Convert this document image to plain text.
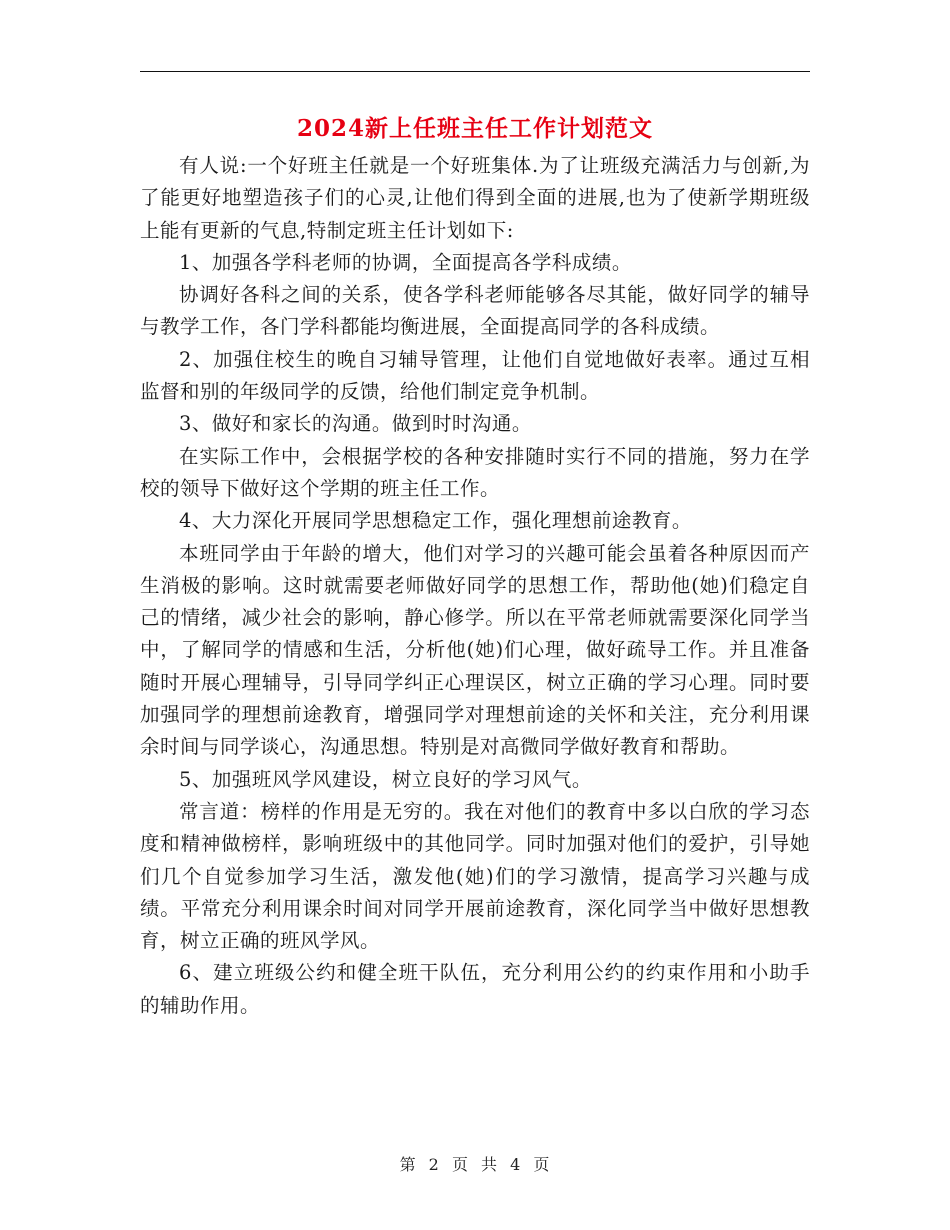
2024新上任班主任工作计划范文

有人说:一个好班主任就是一个好班集体.为了让班级充满活力与创新,为了能更好地塑造孩子们的心灵,让他们得到全面的进展,也为了使新学期班级上能有更新的气息,特制定班主任计划如下:

1、加强各学科老师的协调，全面提高各学科成绩。

协调好各科之间的关系，使各学科老师能够各尽其能，做好同学的辅导与教学工作，各门学科都能均衡进展，全面提高同学的各科成绩。

2、加强住校生的晚自习辅导管理，让他们自觉地做好表率。通过互相监督和别的年级同学的反馈，给他们制定竞争机制。

3、做好和家长的沟通。做到时时沟通。

在实际工作中，会根据学校的各种安排随时实行不同的措施，努力在学校的领导下做好这个学期的班主任工作。

4、大力深化开展同学思想稳定工作，强化理想前途教育。

本班同学由于年龄的增大，他们对学习的兴趣可能会虽着各种原因而产生消极的影响。这时就需要老师做好同学的思想工作，帮助他(她)们稳定自己的情绪，减少社会的影响，静心修学。所以在平常老师就需要深化同学当中，了解同学的情感和生活，分析他(她)们心理，做好疏导工作。并且准备随时开展心理辅导，引导同学纠正心理误区，树立正确的学习心理。同时要加强同学的理想前途教育，增强同学对理想前途的关怀和关注，充分利用课余时间与同学谈心，沟通思想。特别是对高微同学做好教育和帮助。

5、加强班风学风建设，树立良好的学习风气。

常言道：榜样的作用是无穷的。我在对他们的教育中多以白欣的学习态度和精神做榜样，影响班级中的其他同学。同时加强对他们的爱护，引导她们几个自觉参加学习生活，激发他(她)们的学习激情，提高学习兴趣与成绩。平常充分利用课余时间对同学开展前途教育，深化同学当中做好思想教育，树立正确的班风学风。

6、建立班级公约和健全班干队伍，充分利用公约的约束作用和小助手的辅助作用。

第 2 页 共 4 页
